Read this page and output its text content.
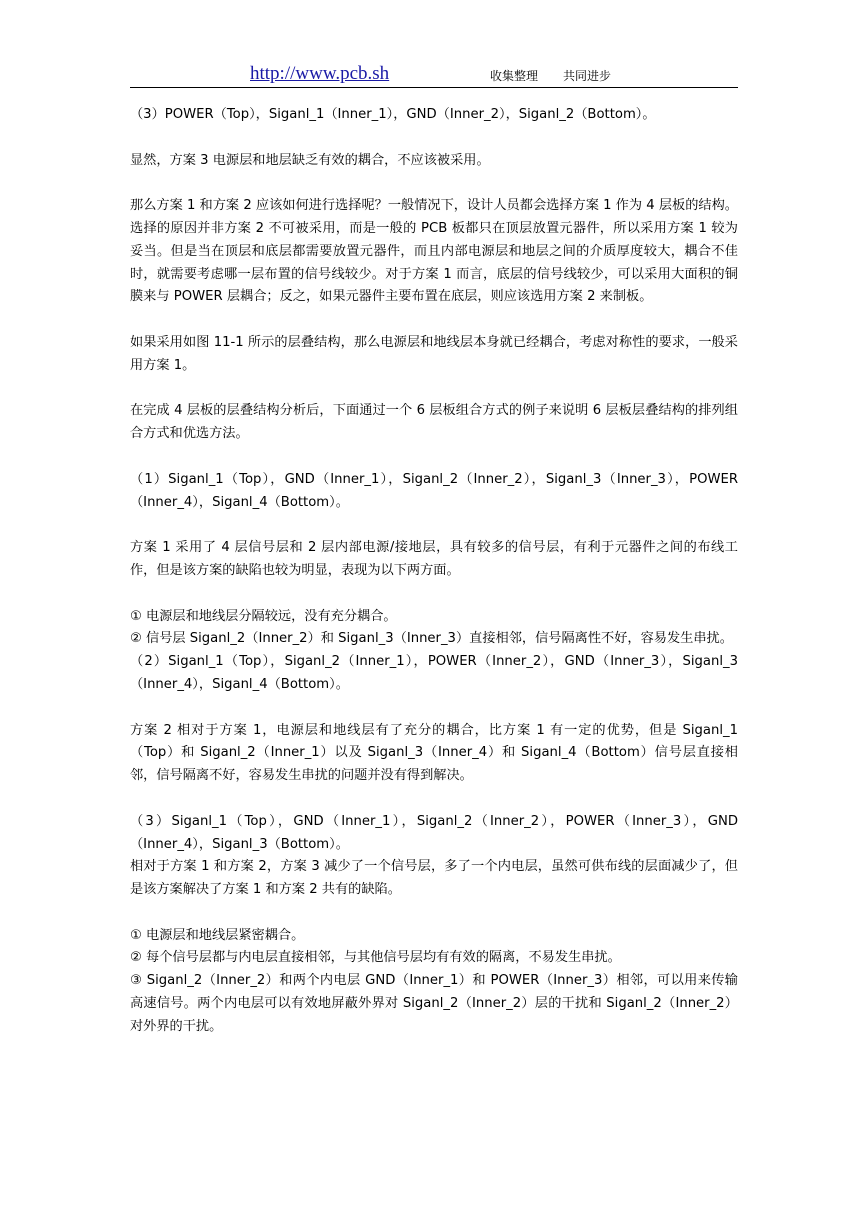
http://www.pcb.sh	收集整理 共同进步

（3）POWER（Top），Siganl_1（Inner_1），GND（Inner_2），Siganl_2（Bottom）。

显然，方案 3 电源层和地层缺乏有效的耦合，不应该被采用。

那么方案 1 和方案 2 应该如何进行选择呢？一般情况下，设计人员都会选择方案 1 作为 4 层板的结构。选择的原因并非方案 2 不可被采用，而是一般的 PCB 板都只在顶层放置元器件，所以采用方案 1 较为妥当。但是当在顶层和底层都需要放置元器件，而且内部电源层和地层之间的介质厚度较大，耦合不佳时，就需要考虑哪一层布置的信号线较少。对于方案 1 而言，底层的信号线较少，可以采用大面积的铜膜来与 POWER 层耦合；反之，如果元器件主要布置在底层，则应该选用方案 2 来制板。

如果采用如图 11-1 所示的层叠结构，那么电源层和地线层本身就已经耦合，考虑对称性的要求，一般采用方案 1。

在完成 4 层板的层叠结构分析后，下面通过一个 6 层板组合方式的例子来说明 6 层板层叠结构的排列组合方式和优选方法。

（1）Siganl_1（Top），GND（Inner_1），Siganl_2（Inner_2），Siganl_3（Inner_3），POWER（Inner_4），Siganl_4（Bottom）。

方案 1 采用了 4 层信号层和 2 层内部电源/接地层，具有较多的信号层，有利于元器件之间的布线工作，但是该方案的缺陷也较为明显，表现为以下两方面。

① 电源层和地线层分隔较远，没有充分耦合。

② 信号层 Siganl_2（Inner_2）和 Siganl_3（Inner_3）直接相邻，信号隔离性不好，容易发生串扰。

（2）Siganl_1（Top），Siganl_2（Inner_1），POWER（Inner_2），GND（Inner_3），Siganl_3（Inner_4），Siganl_4（Bottom）。

方案 2 相对于方案 1，电源层和地线层有了充分的耦合，比方案 1 有一定的优势，但是 Siganl_1（Top）和 Siganl_2（Inner_1）以及 Siganl_3（Inner_4）和 Siganl_4（Bottom）信号层直接相邻，信号隔离不好，容易发生串扰的问题并没有得到解决。

（3）Siganl_1（Top），GND（Inner_1），Siganl_2（Inner_2），POWER（Inner_3），GND（Inner_4），Siganl_3（Bottom）。

相对于方案 1 和方案 2，方案 3 减少了一个信号层，多了一个内电层，虽然可供布线的层面减少了，但是该方案解决了方案 1 和方案 2 共有的缺陷。

① 电源层和地线层紧密耦合。

② 每个信号层都与内电层直接相邻，与其他信号层均有有效的隔离，不易发生串扰。

③ Siganl_2（Inner_2）和两个内电层 GND（Inner_1）和 POWER（Inner_3）相邻，可以用来传输高速信号。两个内电层可以有效地屏蔽外界对 Siganl_2（Inner_2）层的干扰和 Siganl_2（Inner_2）对外界的干扰。
